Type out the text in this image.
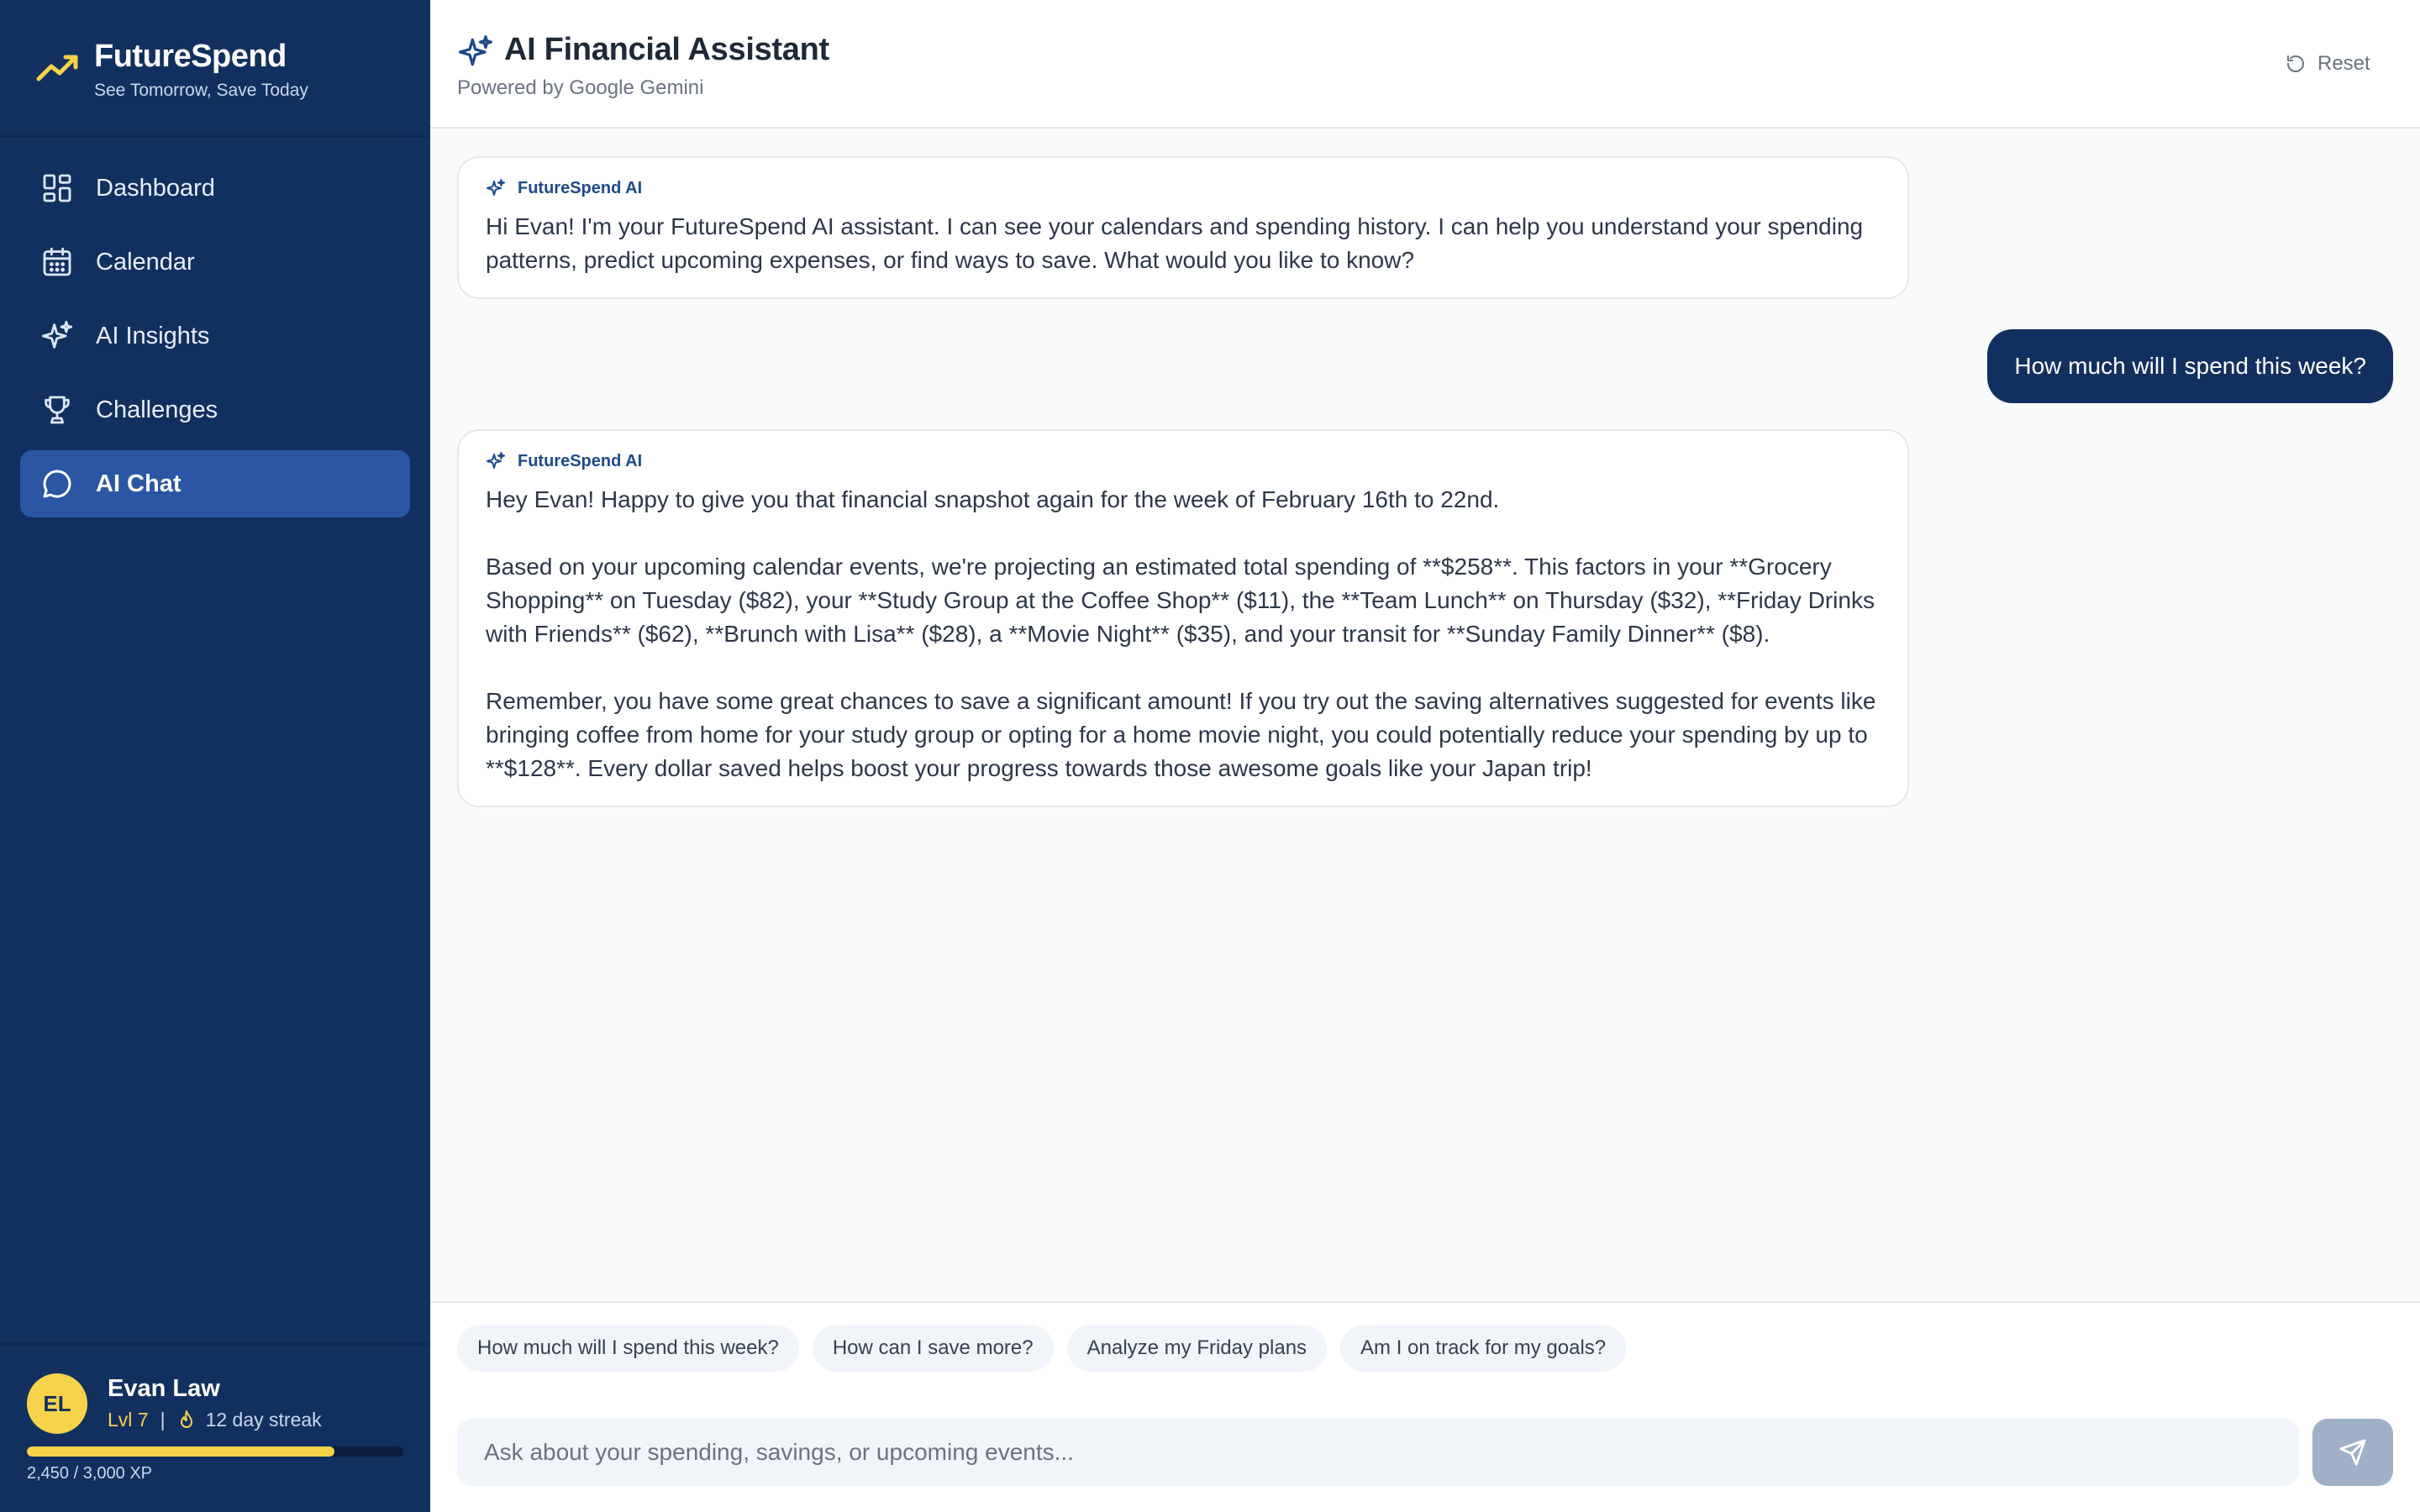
FutureSpend
See Tomorrow, Save Today
Dashboard
Calendar
AI Insights
Challenges
AI Chat
EL
Evan Law
Lvl 7 | 12 day streak
2,450 / 3,000 XP
AI Financial Assistant
Powered by Google Gemini
Reset
FutureSpend AI
Hi Evan! I'm your FutureSpend AI assistant. I can see your calendars and spending history. I can help you understand your spending patterns, predict upcoming expenses, or find ways to save. What would you like to know?
How much will I spend this week?
FutureSpend AI
Hey Evan! Happy to give you that financial snapshot again for the week of February 16th to 22nd.

Based on your upcoming calendar events, we're projecting an estimated total spending of **$258**. This factors in your **Grocery Shopping** on Tuesday ($82), your **Study Group at the Coffee Shop** ($11), the **Team Lunch** on Thursday ($32), **Friday Drinks with Friends** ($62), **Brunch with Lisa** ($28), a **Movie Night** ($35), and your transit for **Sunday Family Dinner** ($8).

Remember, you have some great chances to save a significant amount! If you try out the saving alternatives suggested for events like bringing coffee from home for your study group or opting for a home movie night, you could potentially reduce your spending by up to **$128**. Every dollar saved helps boost your progress towards those awesome goals like your Japan trip!
How much will I spend this week?	How can I save more?	Analyze my Friday plans	Am I on track for my goals?
Ask about your spending, savings, or upcoming events...
